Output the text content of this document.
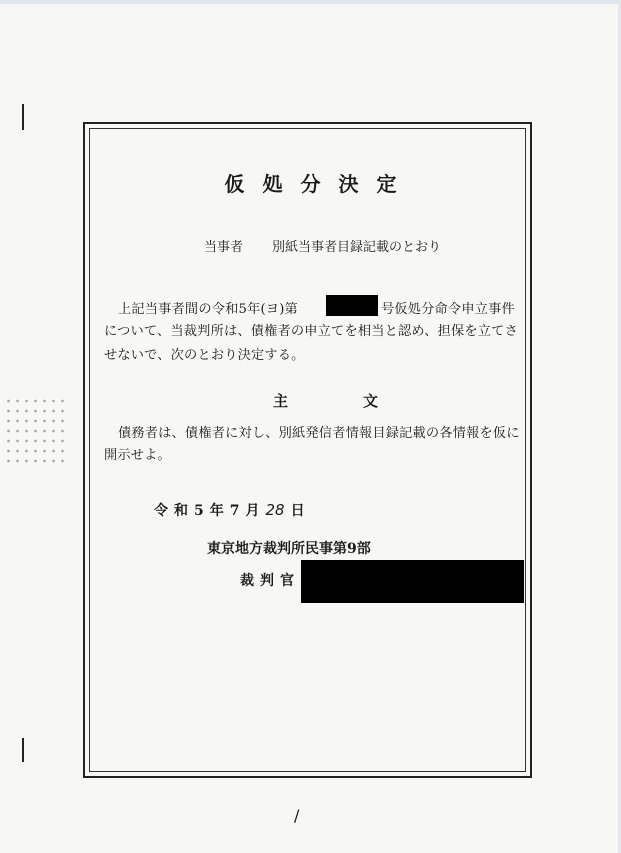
仮処分決定
当事者 別紙当事者目録記載のとおり
上記当事者間の令和5年(ヨ)第	号仮処分命令申立事件
について、当裁判所は、債権者の申立てを相当と認め、担保を立てさ
せないで、次のとおり決定する。
主	文
債務者は、債権者に対し、別紙発信者情報目録記載の各情報を仮に
開示せよ。
令和5年7月28 日
東京地方裁判所民事第9部
裁判官
/
